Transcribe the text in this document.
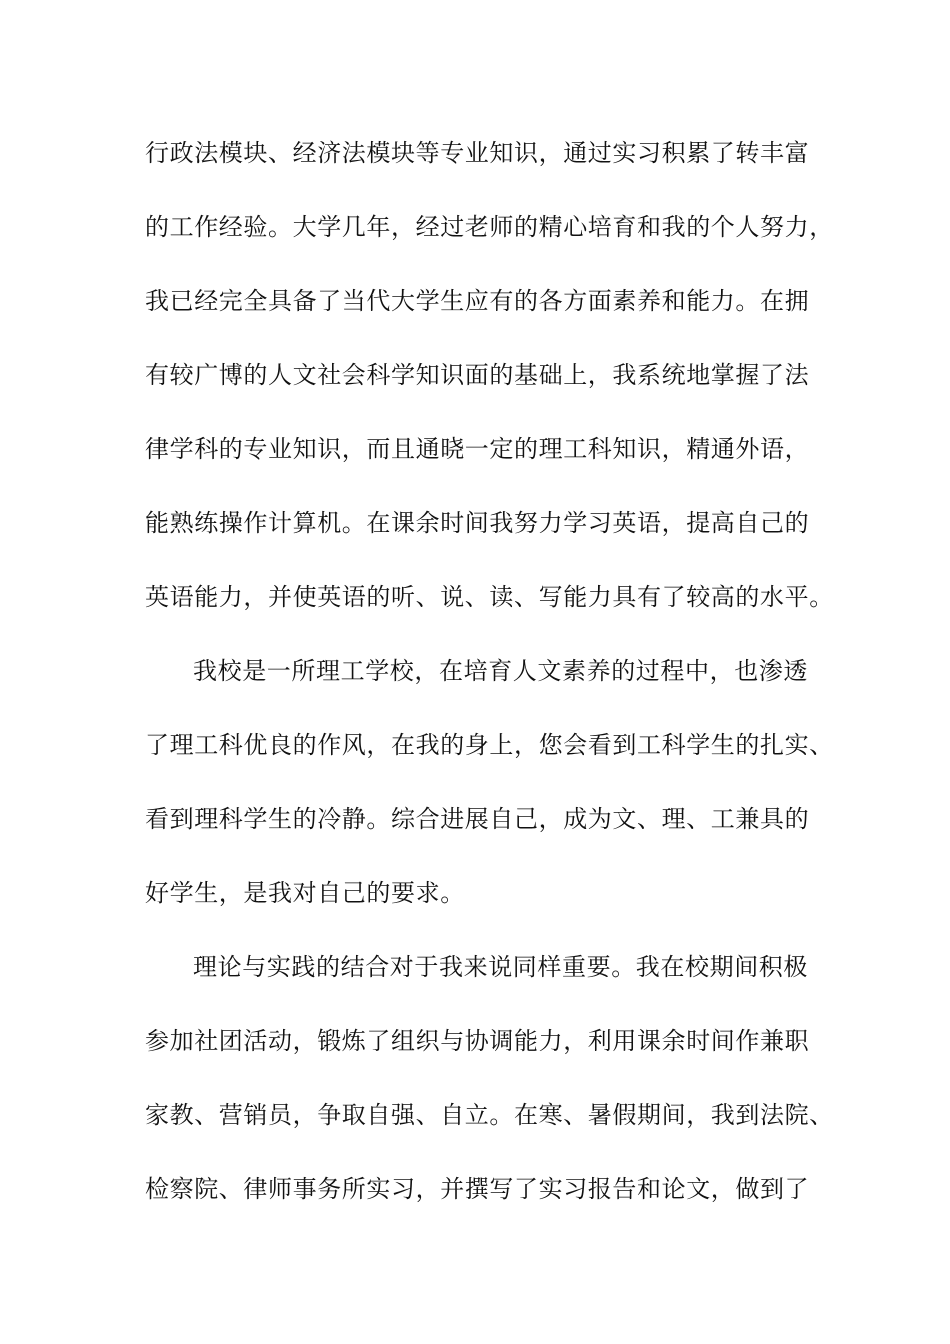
行政法模块、经济法模块等专业知识，通过实习积累了转丰富
的工作经验。大学几年，经过老师的精心培育和我的个人努力，
我已经完全具备了当代大学生应有的各方面素养和能力。在拥
有较广博的人文社会科学知识面的基础上，我系统地掌握了法
律学科的专业知识，而且通晓一定的理工科知识，精通外语，
能熟练操作计算机。在课余时间我努力学习英语，提高自己的
英语能力，并使英语的听、说、读、写能力具有了较高的水平。
我校是一所理工学校，在培育人文素养的过程中，也渗透
了理工科优良的作风，在我的身上，您会看到工科学生的扎实、
看到理科学生的冷静。综合进展自己，成为文、理、工兼具的
好学生，是我对自己的要求。
理论与实践的结合对于我来说同样重要。我在校期间积极
参加社团活动，锻炼了组织与协调能力，利用课余时间作兼职
家教、营销员，争取自强、自立。在寒、暑假期间，我到法院、
检察院、律师事务所实习，并撰写了实习报告和论文，做到了
